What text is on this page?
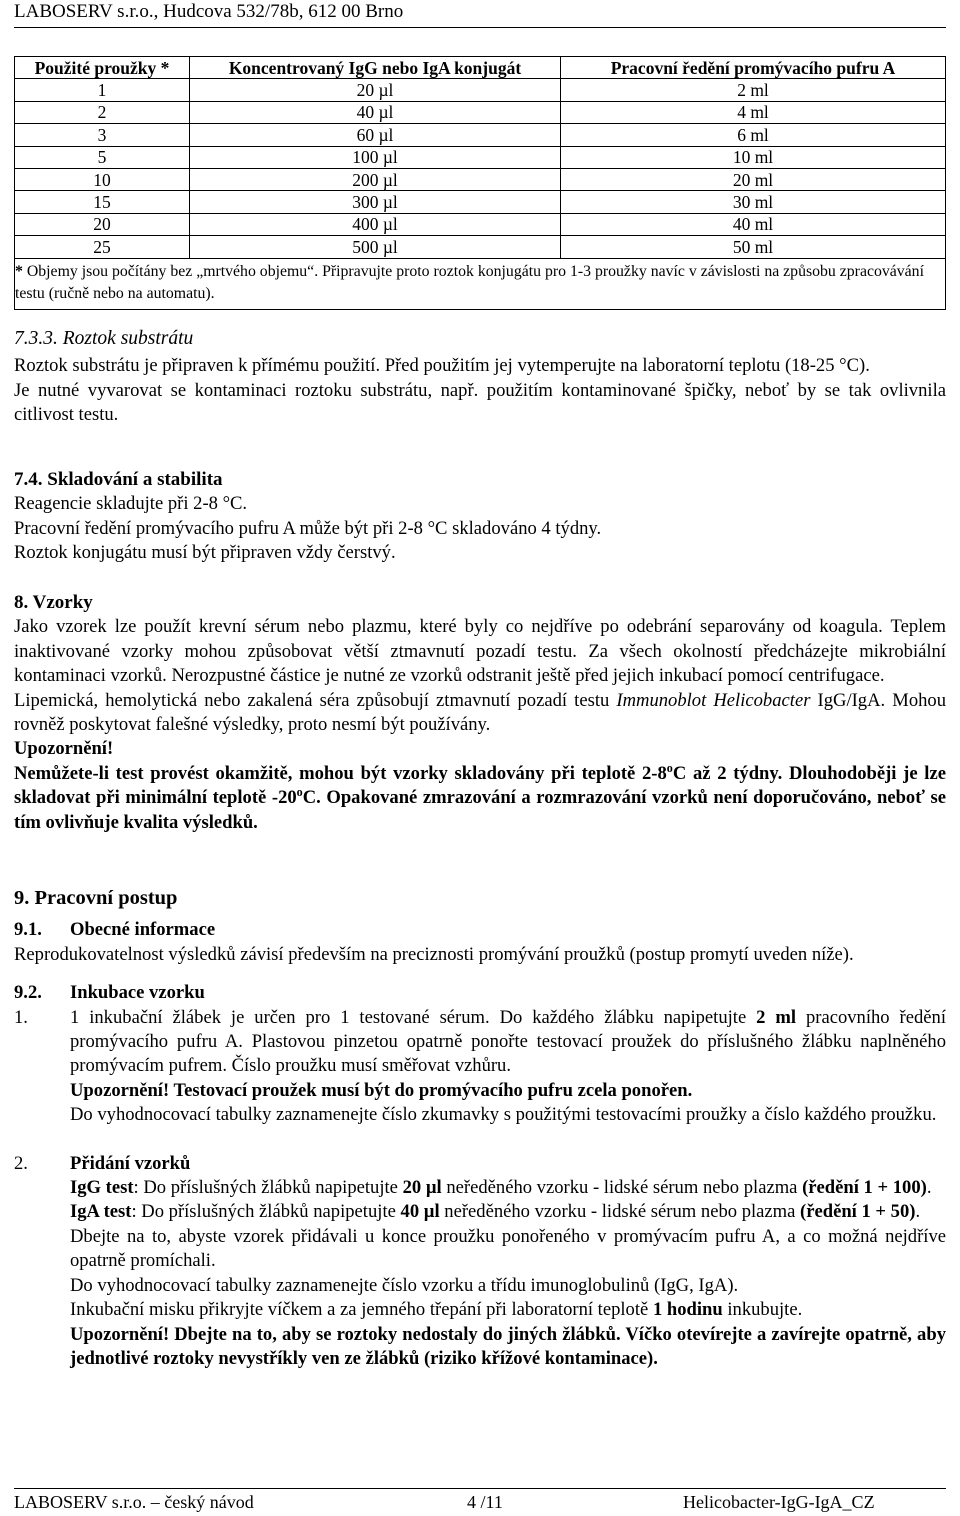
LABOSERV s.r.o., Hudcova 532/78b, 612 00 Brno
Použité proužky *	Koncentrovaný IgG nebo IgA konjugát	Pracovní ředění promývacího pufru A
1	20 µl	2 ml
2	40 µl	4 ml
3	60 µl	6 ml
5	100 µl	10 ml
10	200 µl	20 ml
15	300 µl	30 ml
20	400 µl	40 ml
25	500 µl	50 ml
* Objemy jsou počítány bez „mrtvého objemu“. Připravujte proto roztok konjugátu pro 1-3 proužky navíc v závislosti na způsobu zpracovávání testu (ručně nebo na automatu).		
7.3.3. Roztok substrátu
Roztok substrátu je připraven k přímému použití. Před použitím jej vytemperujte na laboratorní teplotu (18-25 °C).
Je nutné vyvarovat se kontaminaci roztoku substrátu, např. použitím kontaminované špičky, neboť by se tak ovlivnila citlivost testu.
7.4. Skladování a stabilita
Reagencie skladujte při 2-8 °C.
Pracovní ředění promývacího pufru A může být při 2-8 °C skladováno 4 týdny.
Roztok konjugátu musí být připraven vždy čerstvý.
8. Vzorky
Jako vzorek lze použít krevní sérum nebo plazmu, které byly co nejdříve po odebrání separovány od koagula. Teplem inaktivované vzorky mohou způsobovat větší ztmavnutí pozadí testu. Za všech okolností předcházejte mikrobiální kontaminaci vzorků. Nerozpustné částice je nutné ze vzorků odstranit ještě před jejich inkubací pomocí centrifugace.
Lipemická, hemolytická nebo zakalená séra způsobují ztmavnutí pozadí testu Immunoblot Helicobacter IgG/IgA. Mohou rovněž poskytovat falešné výsledky, proto nesmí být používány.
Upozornění!
Nemůžete-li test provést okamžitě, mohou být vzorky skladovány při teplotě 2-8$^o$C až 2 týdny. Dlouhodoběji je lze skladovat při minimální teplotě -20$^o$C. Opakované zmrazování a rozmrazování vzorků není doporučováno, neboť se tím ovlivňuje kvalita výsledků.
9. Pracovní postup
9.1. Obecné informace
Reprodukovatelnost výsledků závisí především na preciznosti promývání proužků (postup promytí uveden níže).
9.2. Inkubace vzorku
1.	1 inkubační žlábek je určen pro 1 testované sérum. Do každého žlábku napipetujte 2 ml pracovního ředění promývacího pufru A. Plastovou pinzetou opatrně ponořte testovací proužek do příslušného žlábku naplněného promývacím pufrem. Číslo proužku musí směřovat vzhůru.
Upozornění! Testovací proužek musí být do promývacího pufru zcela ponořen.
Do vyhodnocovací tabulky zaznamenejte číslo zkumavky s použitými testovacími proužky a číslo každého proužku.
2.	Přidání vzorků
IgG test: Do příslušných žlábků napipetujte 20 µl neředěného vzorku - lidské sérum nebo plazma (ředění 1 + 100).
IgA test: Do příslušných žlábků napipetujte 40 µl neředěného vzorku - lidské sérum nebo plazma (ředění 1 + 50).
Dbejte na to, abyste vzorek přidávali u konce proužku ponořeného v promývacím pufru A, a co možná nejdříve opatrně promíchali.
Do vyhodnocovací tabulky zaznamenejte číslo vzorku a třídu imunoglobulinů (IgG, IgA).
Inkubační misku přikryjte víčkem a za jemného třepání při laboratorní teplotě 1 hodinu inkubujte.
Upozornění! Dbejte na to, aby se roztoky nedostaly do jiných žlábků. Víčko otevírejte a zavírejte opatrně, aby jednotlivé roztoky nevystříkly ven ze žlábků (riziko křížové kontaminace).
LABOSERV s.r.o. – český návod	4 /11	Helicobacter-IgG-IgA_CZ
